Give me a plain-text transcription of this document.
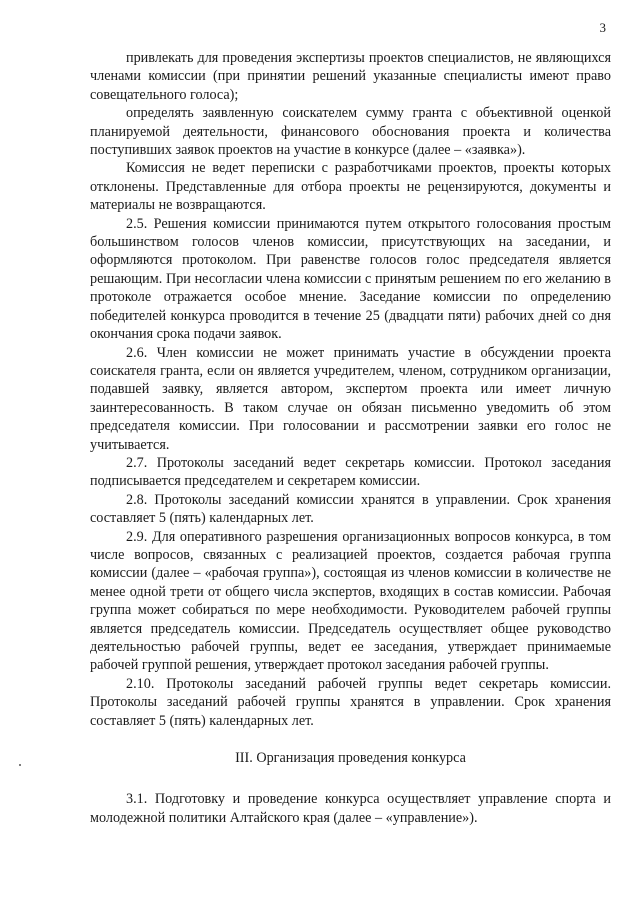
3

привлекать для проведения экспертизы проектов специалистов, не являющихся членами комиссии (при принятии решений указанные специалисты имеют право совещательного голоса);

определять заявленную соискателем сумму гранта с объективной оценкой планируемой деятельности, финансового обоснования проекта и количества поступивших заявок проектов на участие в конкурсе (далее – «заявка»).

Комиссия не ведет переписки с разработчиками проектов, проекты которых отклонены. Представленные для отбора проекты не рецензируются, документы и материалы не возвращаются.

2.5. Решения комиссии принимаются путем открытого голосования простым большинством голосов членов комиссии, присутствующих на заседании, и оформляются протоколом. При равенстве голосов голос председателя является решающим. При несогласии члена комиссии с принятым решением по его желанию в протоколе отражается особое мнение. Заседание комиссии по определению победителей конкурса проводится в течение 25 (двадцати пяти) рабочих дней со дня окончания срока подачи заявок.

2.6. Член комиссии не может принимать участие в обсуждении проекта соискателя гранта, если он является учредителем, членом, сотрудником организации, подавшей заявку, является автором, экспертом проекта или имеет личную заинтересованность. В таком случае он обязан письменно уведомить об этом председателя комиссии. При голосовании и рассмотрении заявки его голос не учитывается.

2.7. Протоколы заседаний ведет секретарь комиссии. Протокол заседания подписывается председателем и секретарем комиссии.

2.8. Протоколы заседаний комиссии хранятся в управлении. Срок хранения составляет 5 (пять) календарных лет.

2.9. Для оперативного разрешения организационных вопросов конкурса, в том числе вопросов, связанных с реализацией проектов, создается рабочая группа комиссии (далее – «рабочая группа»), состоящая из членов комиссии в количестве не менее одной трети от общего числа экспертов, входящих в состав комиссии. Рабочая группа может собираться по мере необходимости. Руководителем рабочей группы является председатель комиссии. Председатель осуществляет общее руководство деятельностью рабочей группы, ведет ее заседания, утверждает принимаемые рабочей группой решения, утверждает протокол заседания рабочей группы.

2.10. Протоколы заседаний рабочей группы ведет секретарь комиссии. Протоколы заседаний рабочей группы хранятся в управлении. Срок хранения составляет 5 (пять) календарных лет.

III. Организация проведения конкурса

3.1. Подготовку и проведение конкурса осуществляет управление спорта и молодежной политики Алтайского края (далее – «управление»).
